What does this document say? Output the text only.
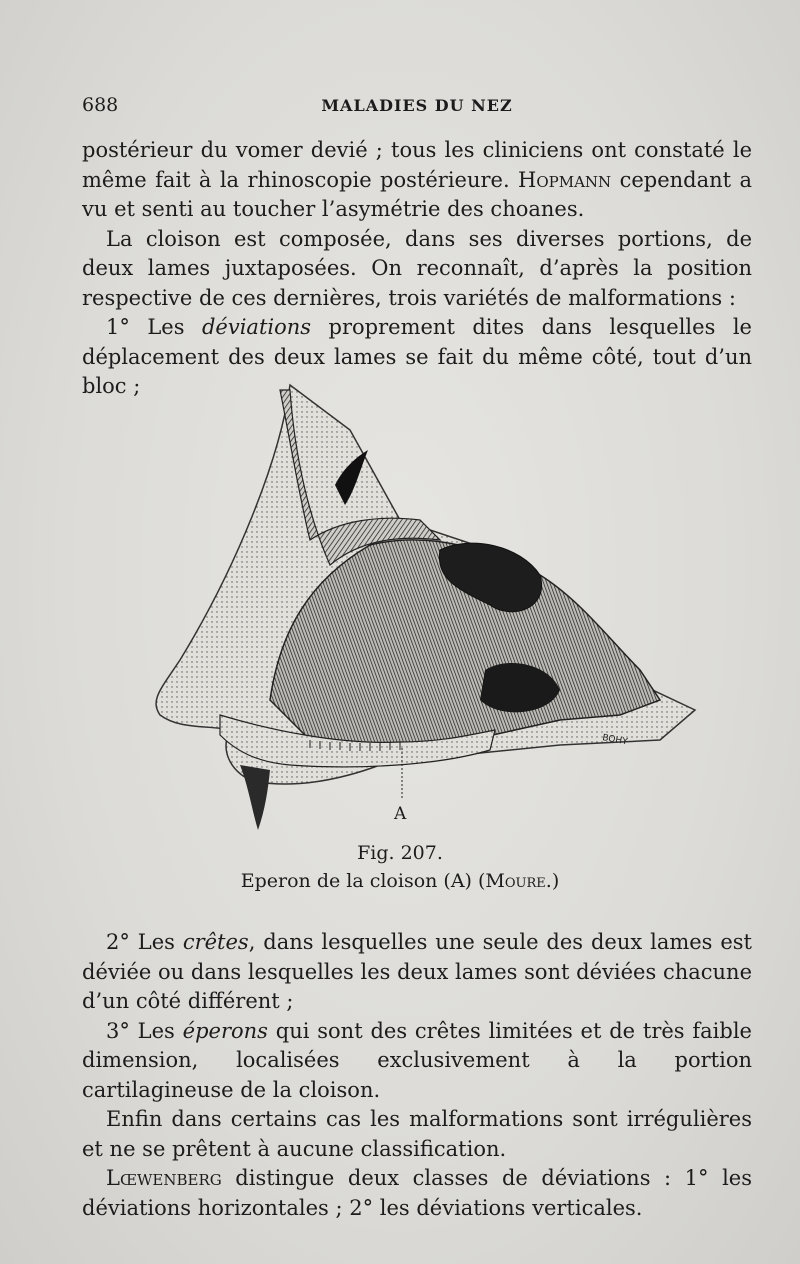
688	MALADIES DU NEZ

postérieur du vomer devié ; tous les cliniciens ont constaté le

même fait à la rhinoscopie postérieure. Hopmann cependant a

vu et senti au toucher l’asymétrie des choanes.

La cloison est composée, dans ses diverses portions, de deux lames juxtaposées. On reconnaît, d’après la position respective de ces dernières, trois variétés de malformations :

1° Les déviations proprement dites dans lesquelles le déplacement des deux lames se fait du même côté, tout d’un bloc ;

BOHY
A
Fig. 207.
Eperon de la cloison (A) (Moure.)

2° Les crêtes, dans lesquelles une seule des deux lames est déviée ou dans lesquelles les deux lames sont déviées chacune d’un côté différent ;

3° Les éperons qui sont des crêtes limitées et de très faible dimension, localisées exclusivement à la portion cartilagineuse de la cloison.

Enfin dans certains cas les malformations sont irrégulières et ne se prêtent à aucune classification.

Lœwenberg distingue deux classes de déviations : 1° les déviations horizontales ; 2° les déviations verticales.
